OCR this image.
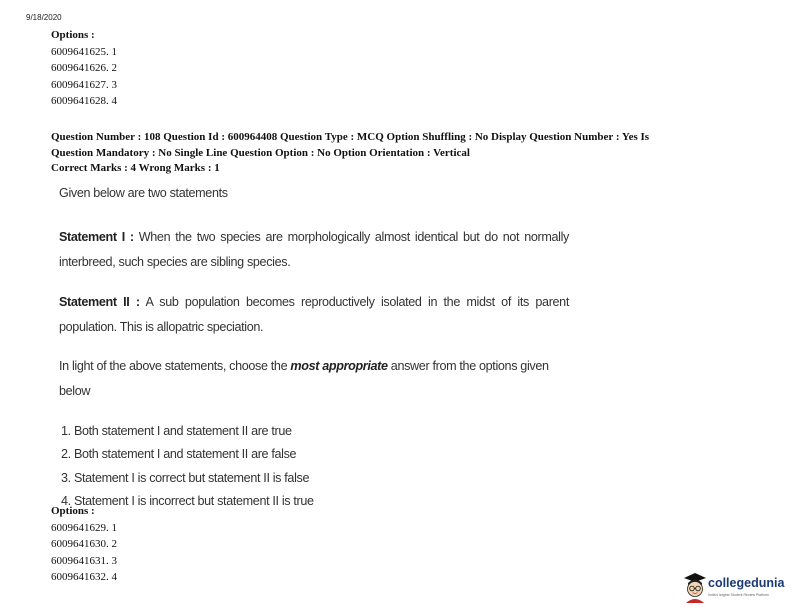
9/18/2020
Options :
6009641625. 1
6009641626. 2
6009641627. 3
6009641628. 4
Question Number : 108 Question Id : 600964408 Question Type : MCQ Option Shuffling : No Display Question Number : Yes Is
Question Mandatory : No Single Line Question Option : No Option Orientation : Vertical
Correct Marks : 4 Wrong Marks : 1

Given below are two statements

Statement I : When the two species are morphologically almost identical but do not normally interbreed, such species are sibling species.

Statement II : A sub population becomes reproductively isolated in the midst of its parent population. This is allopatric speciation.

In light of the above statements, choose the most appropriate answer from the options given below

1. Both statement I and statement II are true
2. Both statement I and statement II are false
3. Statement I is correct but statement II is false
4. Statement I is incorrect but statement II is true
Options :
6009641629. 1
6009641630. 2
6009641631. 3
6009641632. 4	collegedunia
India's largest Student Review Platform
